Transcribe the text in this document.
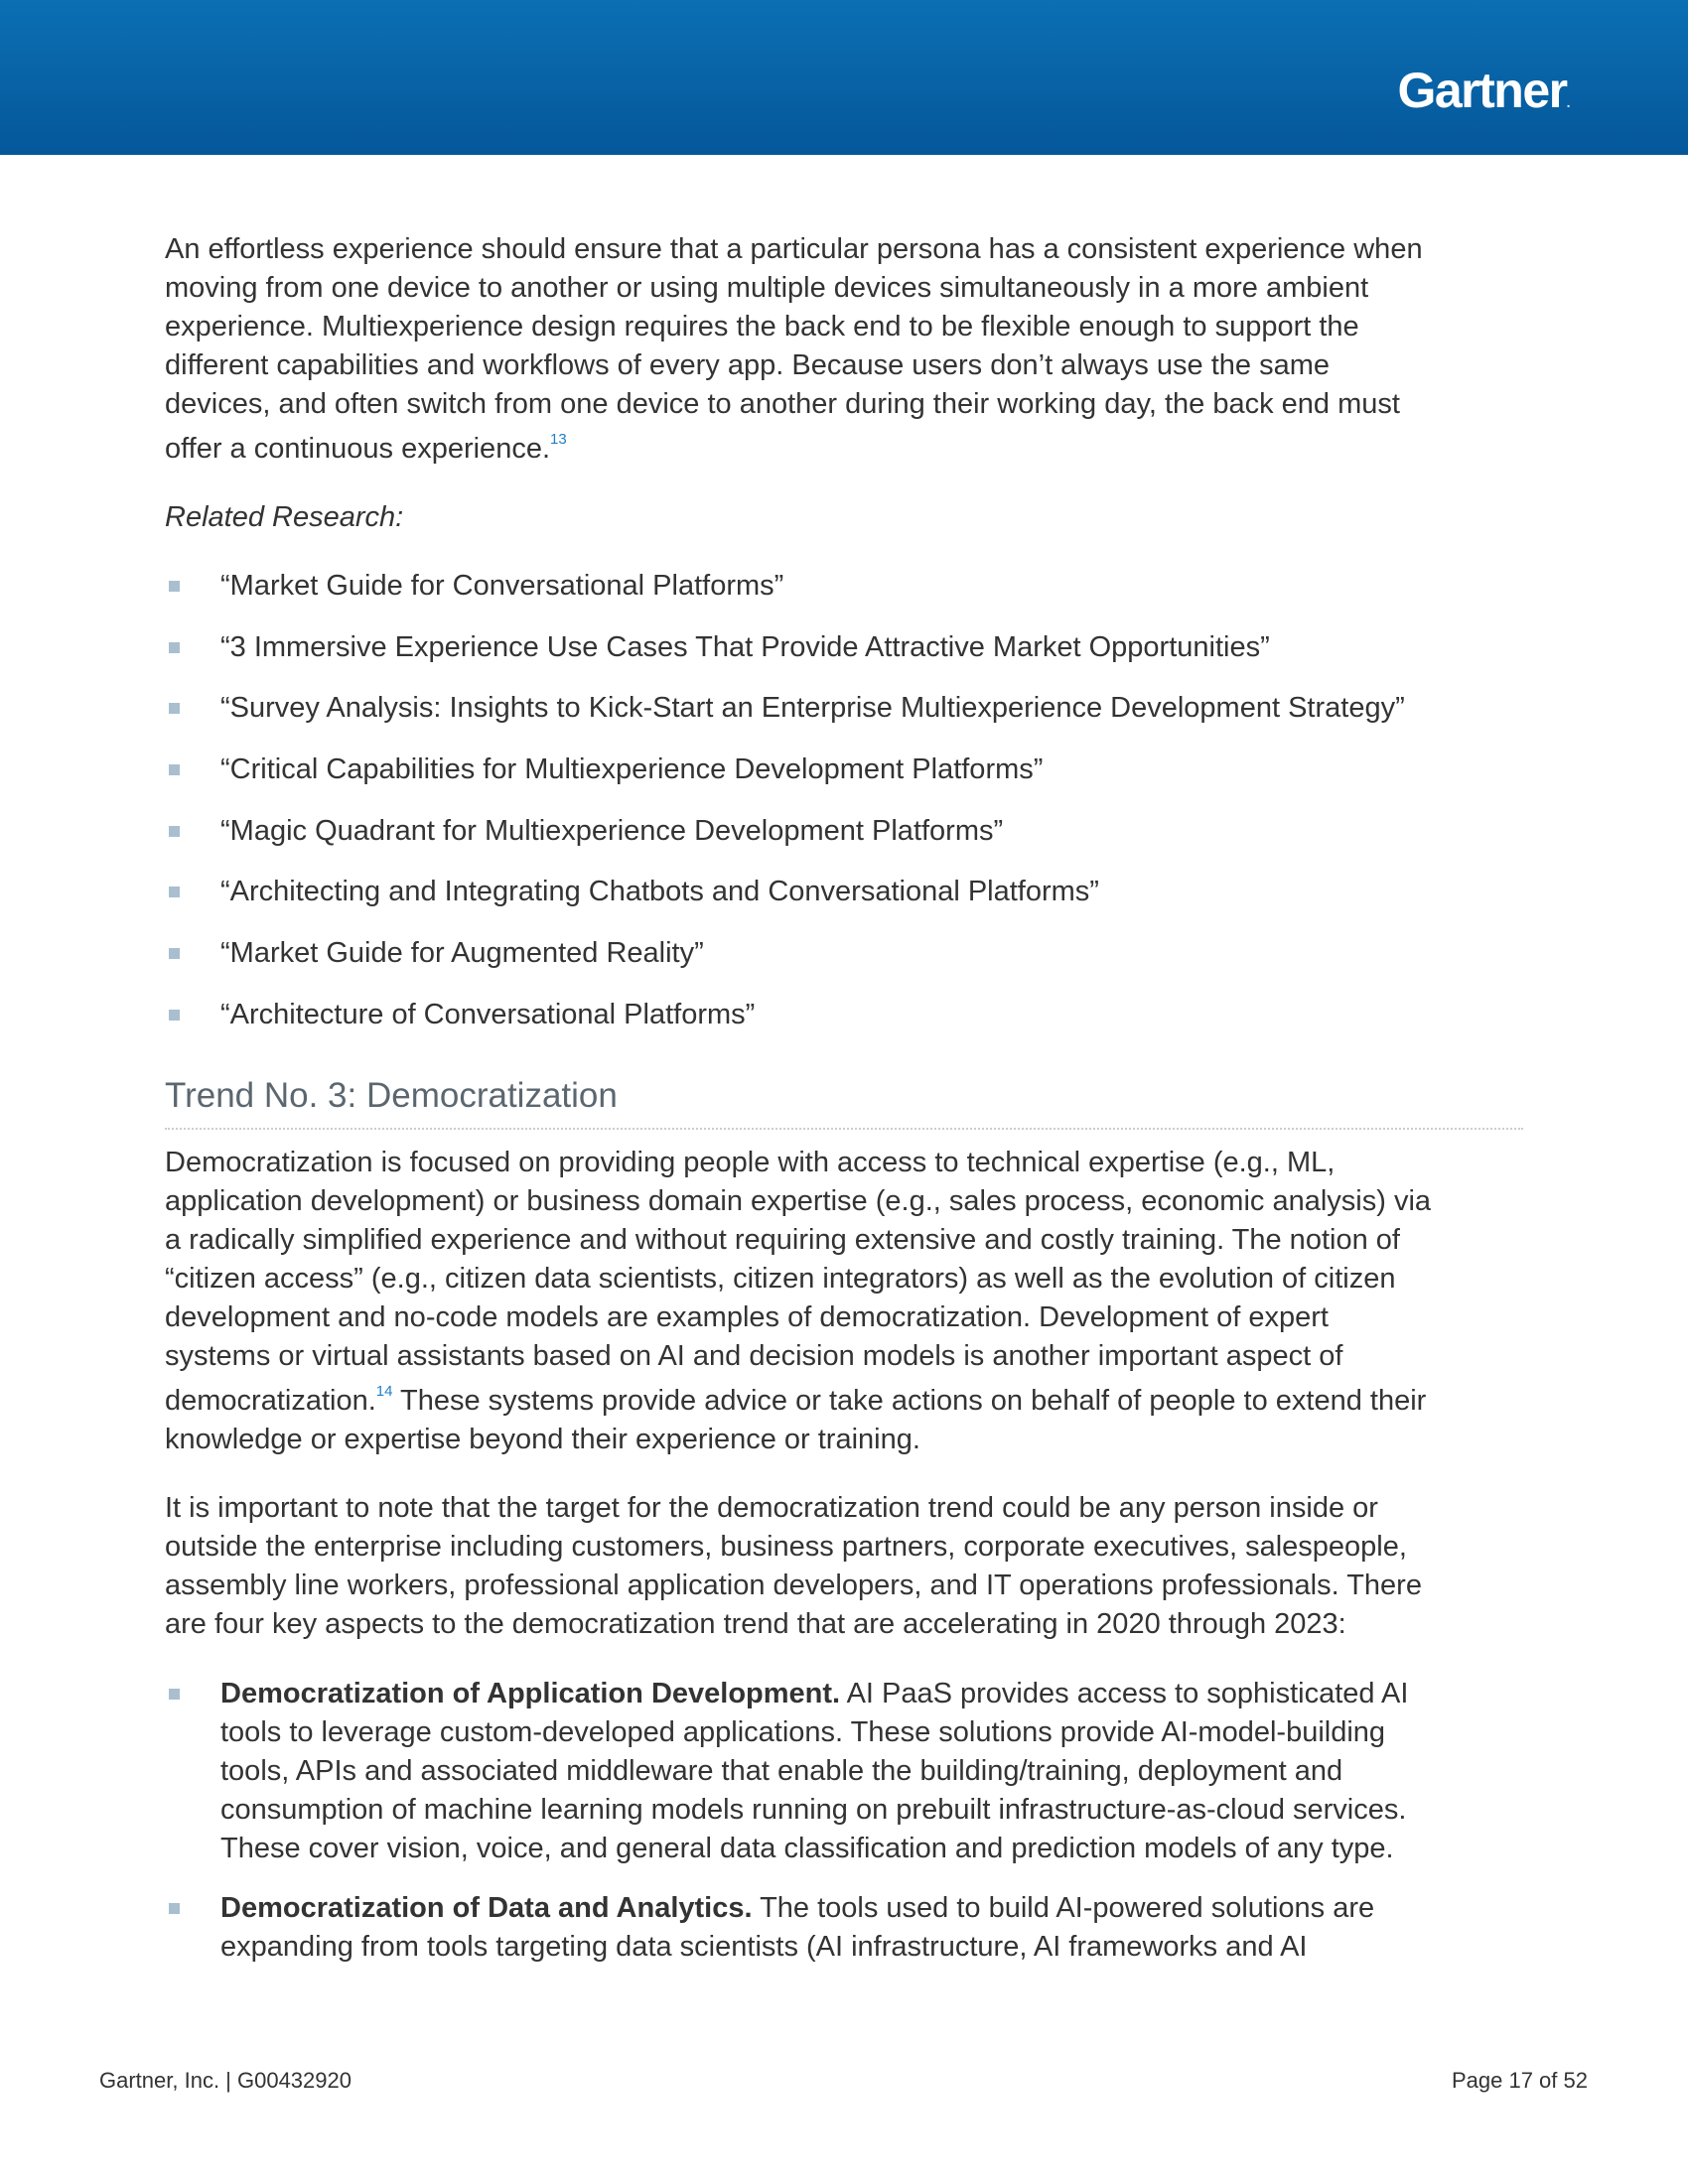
Gartner.
An effortless experience should ensure that a particular persona has a consistent experience when
moving from one device to another or using multiple devices simultaneously in a more ambient
experience. Multiexperience design requires the back end to be flexible enough to support the
different capabilities and workflows of every app. Because users don’t always use the same
devices, and often switch from one device to another during their working day, the back end must
offer a continuous experience.$^{13}$
Related Research:
“Market Guide for Conversational Platforms”
“3 Immersive Experience Use Cases That Provide Attractive Market Opportunities”
“Survey Analysis: Insights to Kick-Start an Enterprise Multiexperience Development Strategy”
“Critical Capabilities for Multiexperience Development Platforms”
“Magic Quadrant for Multiexperience Development Platforms”
“Architecting and Integrating Chatbots and Conversational Platforms”
“Market Guide for Augmented Reality”
“Architecture of Conversational Platforms”
Trend No. 3: Democratization
Democratization is focused on providing people with access to technical expertise (e.g., ML,
application development) or business domain expertise (e.g., sales process, economic analysis) via
a radically simplified experience and without requiring extensive and costly training. The notion of
“citizen access” (e.g., citizen data scientists, citizen integrators) as well as the evolution of citizen
development and no-code models are examples of democratization. Development of expert
systems or virtual assistants based on AI and decision models is another important aspect of
democratization.$^{14}$ These systems provide advice or take actions on behalf of people to extend their
knowledge or expertise beyond their experience or training.
It is important to note that the target for the democratization trend could be any person inside or
outside the enterprise including customers, business partners, corporate executives, salespeople,
assembly line workers, professional application developers, and IT operations professionals. There
are four key aspects to the democratization trend that are accelerating in 2020 through 2023:
Democratization of Application Development. AI PaaS provides access to sophisticated AI
tools to leverage custom-developed applications. These solutions provide AI-model-building
tools, APIs and associated middleware that enable the building/training, deployment and
consumption of machine learning models running on prebuilt infrastructure-as-cloud services.
These cover vision, voice, and general data classification and prediction models of any type.
Democratization of Data and Analytics. The tools used to build AI-powered solutions are
expanding from tools targeting data scientists (AI infrastructure, AI frameworks and AI
Gartner, Inc. | G00432920	Page 17 of 52
